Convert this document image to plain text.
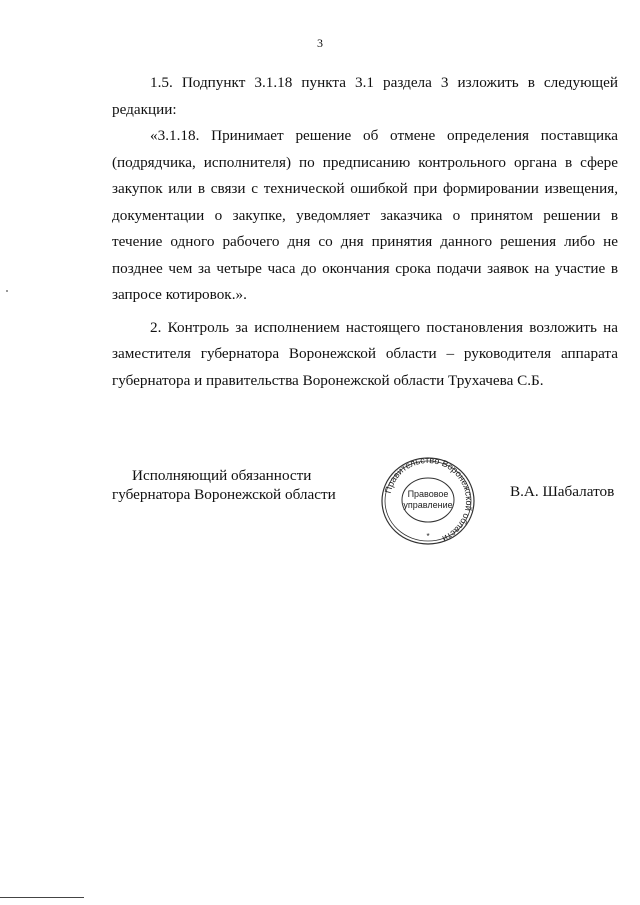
3

1.5. Подпункт 3.1.18 пункта 3.1 раздела 3 изложить в следующей редакции:

«3.1.18. Принимает решение об отмене определения поставщика (подрядчика, исполнителя) по предписанию контрольного органа в сфере закупок или в связи с технической ошибкой при формировании извещения, документации о закупке, уведомляет заказчика о принятом решении в течение одного рабочего дня со дня принятия данного решения либо не позднее чем за четыре часа до окончания срока подачи заявок на участие в запросе котировок.».

2. Контроль за исполнением настоящего постановления возложить на заместителя губернатора Воронежской области – руководителя аппарата губернатора и правительства Воронежской области Трухачева С.Б.

Исполняющий обязанности
губернатора Воронежской области	Правительство Воронежской области
Правовое
управление
*
В.А. Шабалатов
